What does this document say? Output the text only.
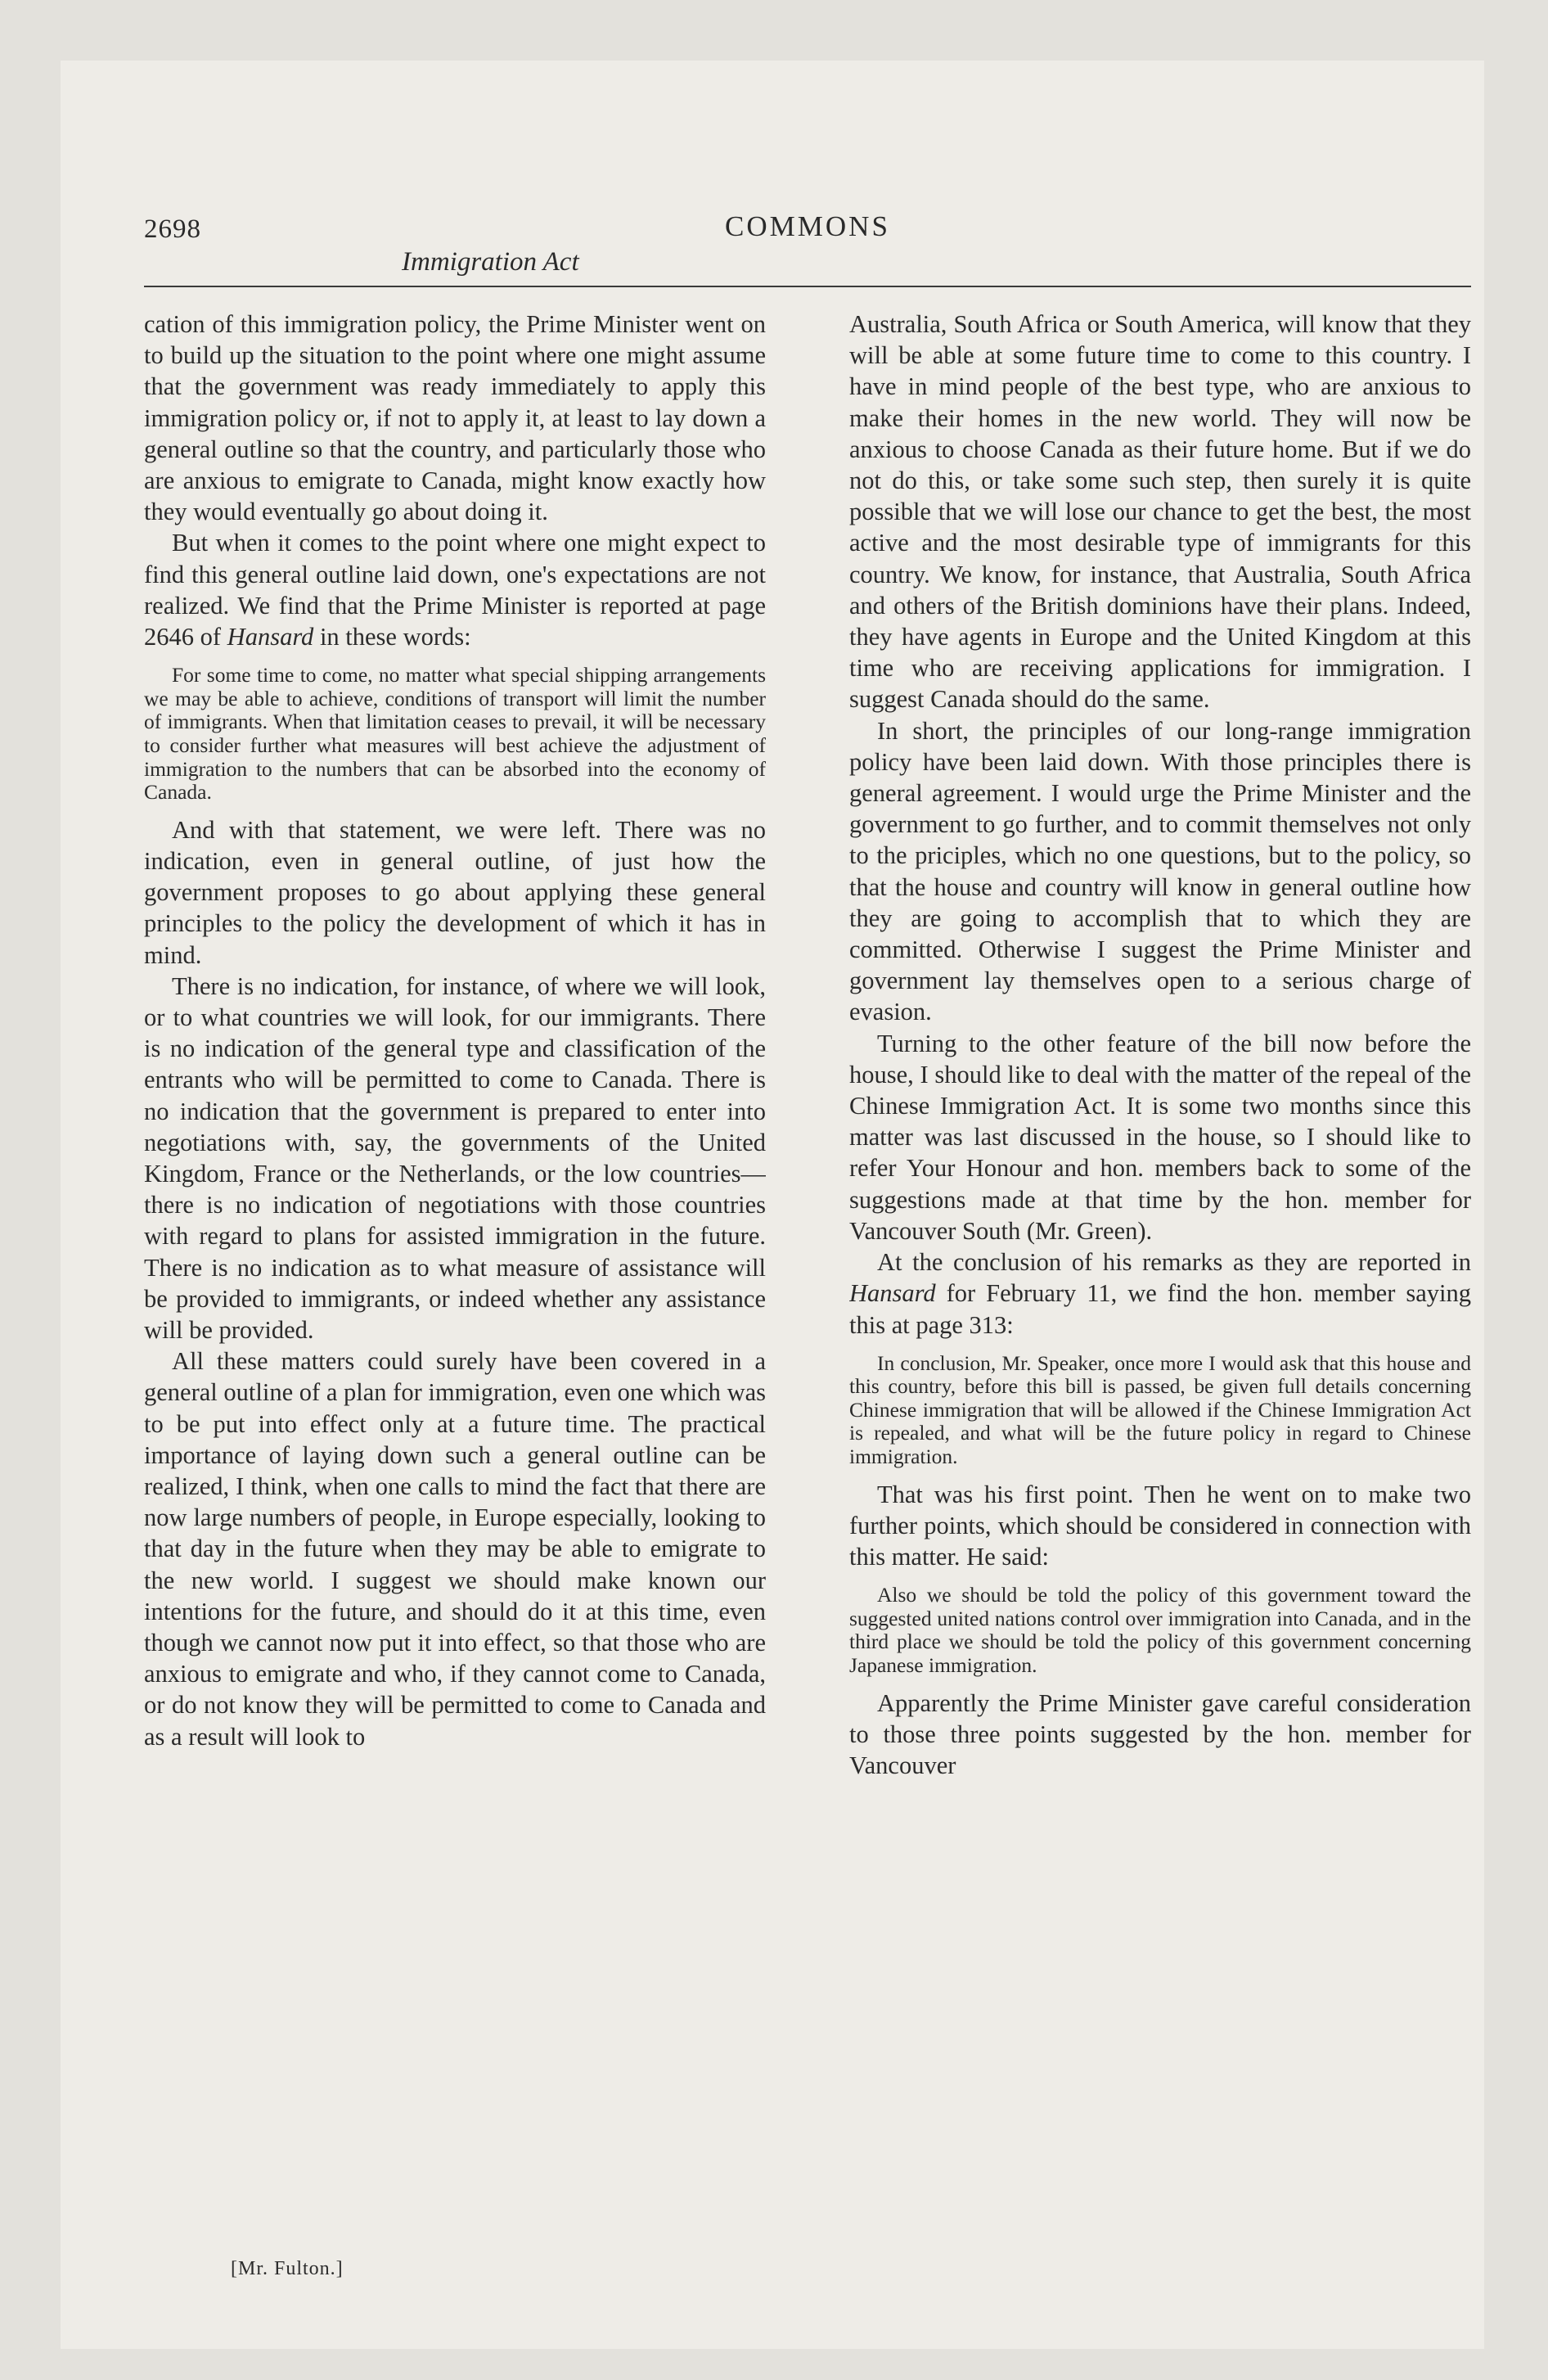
2698	COMMONS
Immigration Act

cation of this immigration policy, the Prime Minister went on to build up the situation to the point where one might assume that the government was ready immediately to apply this immigration policy or, if not to apply it, at least to lay down a general outline so that the country, and particularly those who are anxious to emigrate to Canada, might know exactly how they would eventually go about doing it.

But when it comes to the point where one might expect to find this general outline laid down, one's expectations are not realized. We find that the Prime Minister is reported at page 2646 of Hansard in these words:

For some time to come, no matter what special shipping arrangements we may be able to achieve, conditions of transport will limit the number of immigrants. When that limitation ceases to prevail, it will be necessary to consider further what measures will best achieve the adjustment of immigration to the numbers that can be absorbed into the economy of Canada.

And with that statement, we were left. There was no indication, even in general outline, of just how the government proposes to go about applying these general principles to the policy the development of which it has in mind.

There is no indication, for instance, of where we will look, or to what countries we will look, for our immigrants. There is no indication of the general type and classification of the entrants who will be permitted to come to Canada. There is no indication that the government is prepared to enter into negotiations with, say, the governments of the United Kingdom, France or the Netherlands, or the low countries—there is no indication of negotiations with those countries with regard to plans for assisted immigration in the future. There is no indication as to what measure of assistance will be provided to immigrants, or indeed whether any assistance will be provided.

All these matters could surely have been covered in a general outline of a plan for immigration, even one which was to be put into effect only at a future time. The practical importance of laying down such a general outline can be realized, I think, when one calls to mind the fact that there are now large numbers of people, in Europe especially, looking to that day in the future when they may be able to emigrate to the new world. I suggest we should make known our intentions for the future, and should do it at this time, even though we cannot now put it into effect, so that those who are anxious to emigrate and who, if they cannot come to Canada, or do not know they will be permitted to come to Canada and as a result will look to

Australia, South Africa or South America, will know that they will be able at some future time to come to this country. I have in mind people of the best type, who are anxious to make their homes in the new world. They will now be anxious to choose Canada as their future home. But if we do not do this, or take some such step, then surely it is quite possible that we will lose our chance to get the best, the most active and the most desirable type of immigrants for this country. We know, for instance, that Australia, South Africa and others of the British dominions have their plans. Indeed, they have agents in Europe and the United Kingdom at this time who are receiving applications for immigration. I suggest Canada should do the same.

In short, the principles of our long-range immigration policy have been laid down. With those principles there is general agreement. I would urge the Prime Minister and the government to go further, and to commit themselves not only to the priciples, which no one questions, but to the policy, so that the house and country will know in general outline how they are going to accomplish that to which they are committed. Otherwise I suggest the Prime Minister and government lay themselves open to a serious charge of evasion.

Turning to the other feature of the bill now before the house, I should like to deal with the matter of the repeal of the Chinese Immigration Act. It is some two months since this matter was last discussed in the house, so I should like to refer Your Honour and hon. members back to some of the suggestions made at that time by the hon. member for Vancouver South (Mr. Green).

At the conclusion of his remarks as they are reported in Hansard for February 11, we find the hon. member saying this at page 313:

In conclusion, Mr. Speaker, once more I would ask that this house and this country, before this bill is passed, be given full details concerning Chinese immigration that will be allowed if the Chinese Immigration Act is repealed, and what will be the future policy in regard to Chinese immigration.

That was his first point. Then he went on to make two further points, which should be considered in connection with this matter. He said:

Also we should be told the policy of this government toward the suggested united nations control over immigration into Canada, and in the third place we should be told the policy of this government concerning Japanese immigration.

Apparently the Prime Minister gave careful consideration to those three points suggested by the hon. member for Vancouver

[Mr. Fulton.]
